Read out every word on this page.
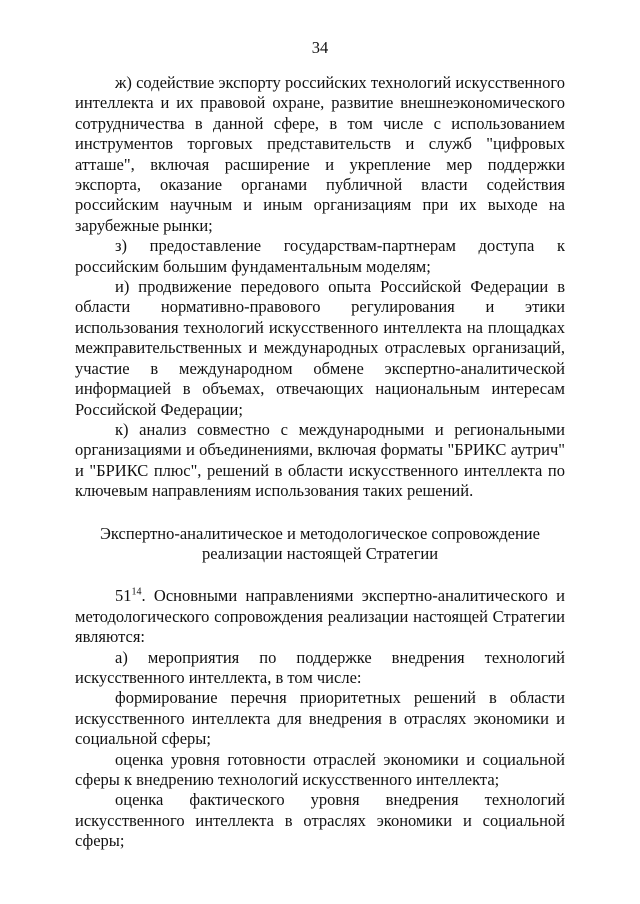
34

ж) содействие экспорту российских технологий искусственного интеллекта и их правовой охране, развитие внешнеэкономического сотрудничества в данной сфере, в том числе с использованием инструментов торговых представительств и служб "цифровых атташе", включая расширение и укрепление мер поддержки экспорта, оказание органами публичной власти содействия российским научным и иным организациям при их выходе на зарубежные рынки;

з) предоставление государствам-партнерам доступа к российским большим фундаментальным моделям;

и) продвижение передового опыта Российской Федерации в области нормативно-правового регулирования и этики использования технологий искусственного интеллекта на площадках межправительственных и международных отраслевых организаций, участие в международном обмене экспертно-аналитической информацией в объемах, отвечающих национальным интересам Российской Федерации;

к) анализ совместно с международными и региональными организациями и объединениями, включая форматы "БРИКС аутрич" и "БРИКС плюс", решений в области искусственного интеллекта по ключевым направлениям использования таких решений.

Экспертно-аналитическое и методологическое сопровождение
реализации настоящей Стратегии

$51^{14}$. Основными направлениями экспертно-аналитического и методологического сопровождения реализации настоящей Стратегии являются:

а) мероприятия по поддержке внедрения технологий искусственного интеллекта, в том числе:

формирование перечня приоритетных решений в области искусственного интеллекта для внедрения в отраслях экономики и социальной сферы;

оценка уровня готовности отраслей экономики и социальной сферы к внедрению технологий искусственного интеллекта;

оценка фактического уровня внедрения технологий искусственного интеллекта в отраслях экономики и социальной сферы;
